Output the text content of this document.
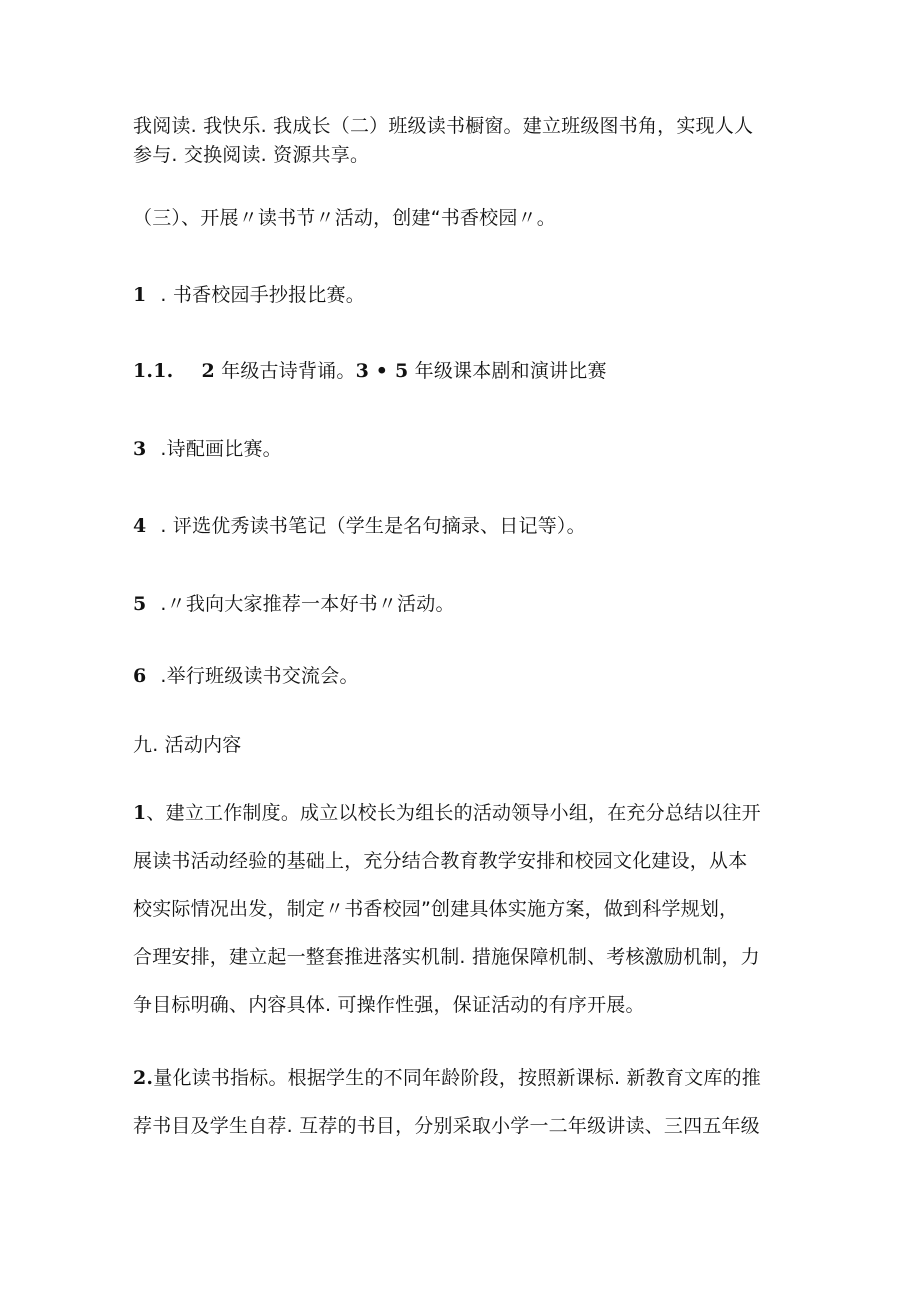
我阅读. 我快乐. 我成长（二）班级读书橱窗。建立班级图书角，实现人人
参与. 交换阅读. 资源共享。
（三）、开展〃读书节〃活动，创建“书香校园〃。
1 . 书香校园手抄报比赛。
1.1. 2 年级古诗背诵。3 • 5 年级课本剧和演讲比赛
3 .诗配画比赛。
4 . 评选优秀读书笔记（学生是名句摘录、日记等）。
5 .〃我向大家推荐一本好书〃活动。
6 .举行班级读书交流会。
九. 活动内容
1、建立工作制度。成立以校长为组长的活动领导小组，在充分总结以往开
展读书活动经验的基础上，充分结合教育教学安排和校园文化建设，从本
校实际情况出发，制定〃书香校园”创建具体实施方案，做到科学规划，
合理安排，建立起一整套推进落实机制. 措施保障机制、考核激励机制，力
争目标明确、内容具体. 可操作性强，保证活动的有序开展。
2.量化读书指标。根据学生的不同年龄阶段，按照新课标. 新教育文库的推
荐书目及学生自荐. 互荐的书目，分别采取小学一二年级讲读、三四五年级
